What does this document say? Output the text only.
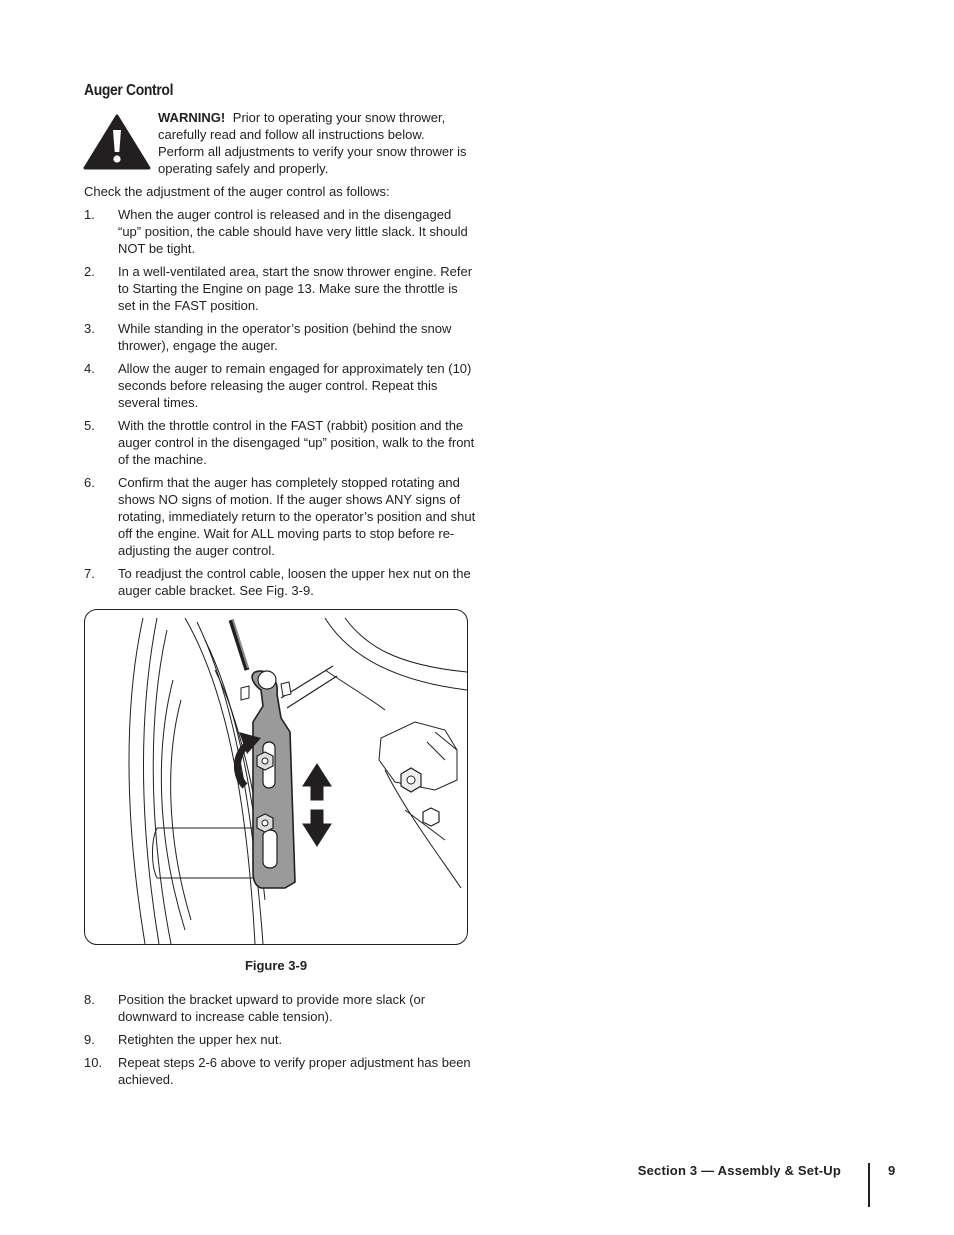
Auger Control
WARNING! Prior to operating your snow thrower, carefully read and follow all instructions below. Perform all adjustments to verify your snow thrower is operating safely and properly.
Check the adjustment of the auger control as follows:
1. When the auger control is released and in the disengaged “up” position, the cable should have very little slack. It should NOT be tight.
2. In a well-ventilated area, start the snow thrower engine. Refer to Starting the Engine on page 13. Make sure the throttle is set in the FAST position.
3. While standing in the operator’s position (behind the snow thrower), engage the auger.
4. Allow the auger to remain engaged for approximately ten (10) seconds before releasing the auger control. Repeat this several times.
5. With the throttle control in the FAST (rabbit) position and the auger control in the disengaged “up” position, walk to the front of the machine.
6. Confirm that the auger has completely stopped rotating and shows NO signs of motion. If the auger shows ANY signs of rotating, immediately return to the operator’s position and shut off the engine. Wait for ALL moving parts to stop before re-adjusting the auger control.
7. To readjust the control cable, loosen the upper hex nut on the auger cable bracket. See Fig. 3-9.
Figure 3-9
8. Position the bracket upward to provide more slack (or downward to increase cable tension).
9. Retighten the upper hex nut.
10. Repeat steps 2-6 above to verify proper adjustment has been achieved.
Section 3 — Assembly & Set-Up	9
